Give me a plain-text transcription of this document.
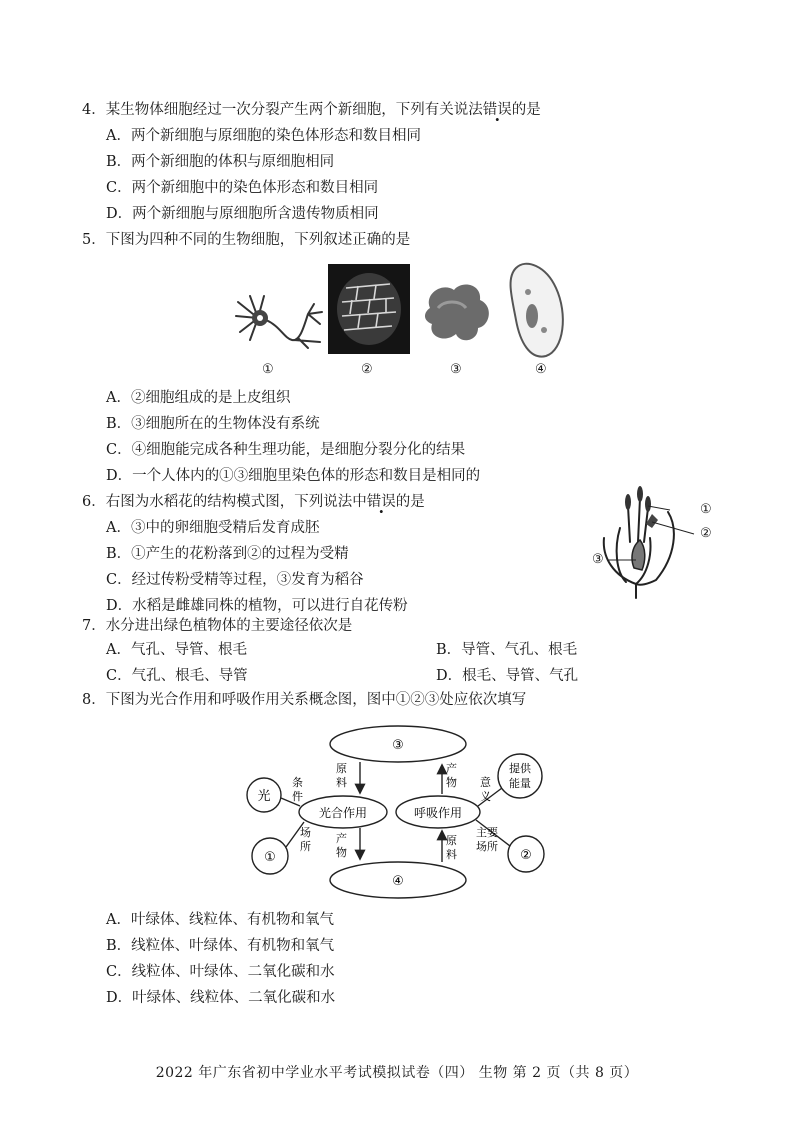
4．某生物体细胞经过一次分裂产生两个新细胞，下列有关说法错误的是
A．两个新细胞与原细胞的染色体形态和数目相同
B．两个新细胞的体积与原细胞相同
C．两个新细胞中的染色体形态和数目相同
D．两个新细胞与原细胞所含遗传物质相同
5．下图为四种不同的生物细胞，下列叙述正确的是
①	②	③	④
A．②细胞组成的是上皮组织
B．③细胞所在的生物体没有系统
C．④细胞能完成各种生理功能，是细胞分裂分化的结果
D．一个人体内的①③细胞里染色体的形态和数目是相同的
6．右图为水稻花的结构模式图，下列说法中错误的是
A．③中的卵细胞受精后发育成胚
B．①产生的花粉落到②的过程为受精
C．经过传粉受精等过程，③发育为稻谷
D．水稻是雌雄同株的植物，可以进行自花传粉
①
②
③
7．水分进出绿色植物体的主要途径依次是
A．气孔、导管、根毛	B．导管、气孔、根毛
C．气孔、根毛、导管	D．根毛、导管、气孔
8．下图为光合作用和呼吸作用关系概念图，图中①②③处应依次填写
③
④
光合作用	呼吸作用
光
①	②
提供
能量
条
件
场
所
原
料
产
物
产
物
原
料
意
义
主要
场所
A．叶绿体、线粒体、有机物和氧气
B．线粒体、叶绿体、有机物和氧气
C．线粒体、叶绿体、二氧化碳和水
D．叶绿体、线粒体、二氧化碳和水
2022 年广东省初中学业水平考试模拟试卷（四） 生物 第 2 页（共 8 页）
